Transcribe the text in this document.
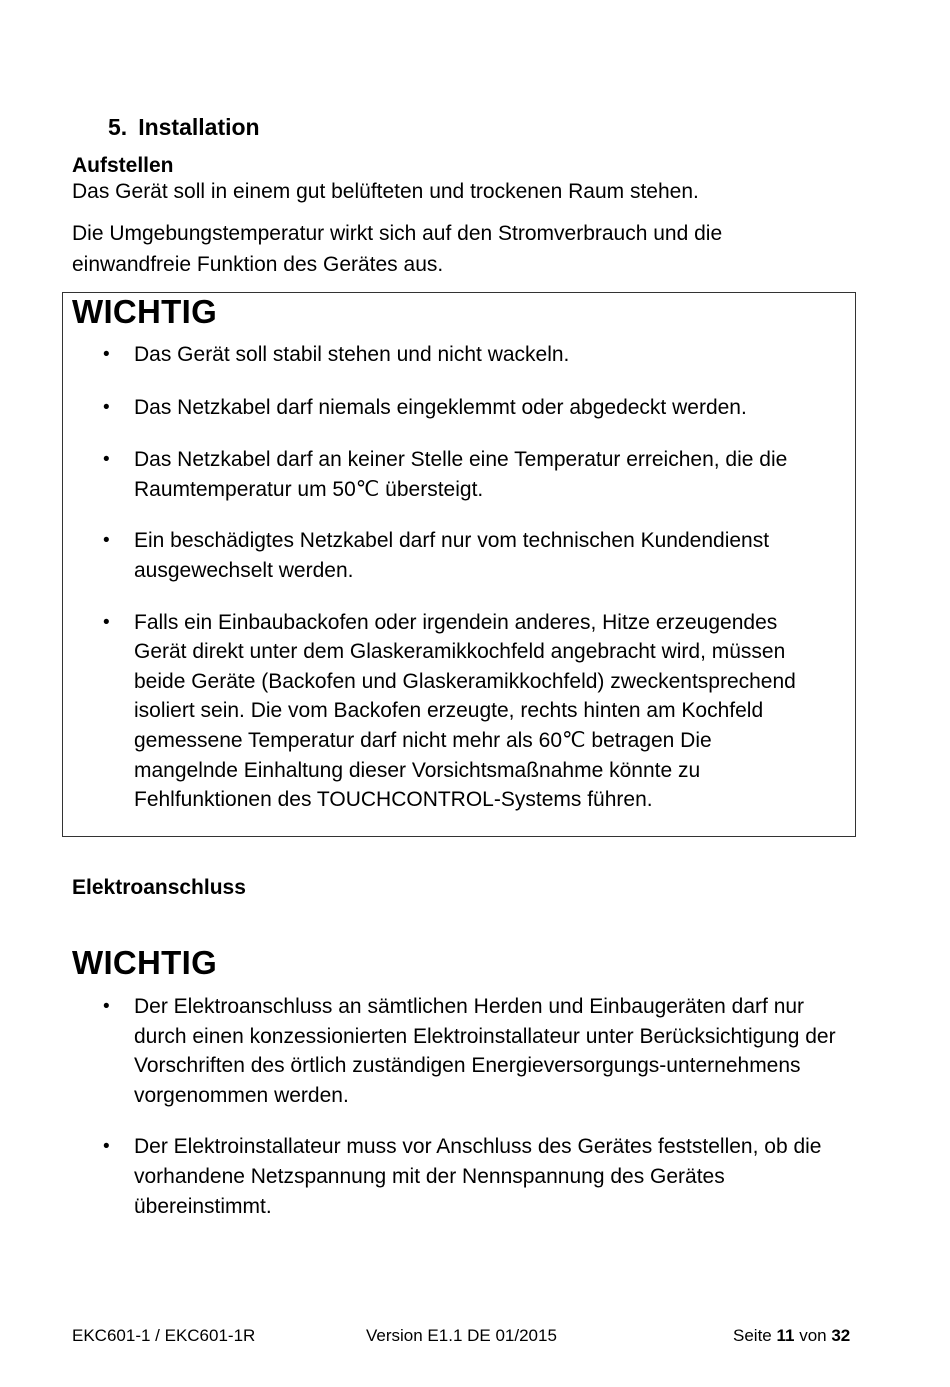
5. Installation
Aufstellen
Das Gerät soll in einem gut belüfteten und trockenen Raum stehen.
Die Umgebungstemperatur wirkt sich auf den Stromverbrauch und die
einwandfreie Funktion des Gerätes aus.
WICHTIG
• Das Gerät soll stabil stehen und nicht wackeln.
• Das Netzkabel darf niemals eingeklemmt oder abgedeckt werden.
• Das Netzkabel darf an keiner Stelle eine Temperatur erreichen, die die
Raumtemperatur um 50℃ übersteigt.
• Ein beschädigtes Netzkabel darf nur vom technischen Kundendienst
ausgewechselt werden.
• Falls ein Einbaubackofen oder irgendein anderes, Hitze erzeugendes
Gerät direkt unter dem Glaskeramikkochfeld angebracht wird, müssen
beide Geräte (Backofen und Glaskeramikkochfeld) zweckentsprechend
isoliert sein. Die vom Backofen erzeugte, rechts hinten am Kochfeld
gemessene Temperatur darf nicht mehr als 60℃ betragen Die
mangelnde Einhaltung dieser Vorsichtsmaßnahme könnte zu
Fehlfunktionen des TOUCHCONTROL-Systems führen.
Elektroanschluss
WICHTIG
• Der Elektroanschluss an sämtlichen Herden und Einbaugeräten darf nur
durch einen konzessionierten Elektroinstallateur unter Berücksichtigung der
Vorschriften des örtlich zuständigen Energieversorgungs-unternehmens
vorgenommen werden.
• Der Elektroinstallateur muss vor Anschluss des Gerätes feststellen, ob die
vorhandene Netzspannung mit der Nennspannung des Gerätes
übereinstimmt.
EKC601-1 / EKC601-1R	Version E1.1 DE 01/2015	Seite 11 von 32
